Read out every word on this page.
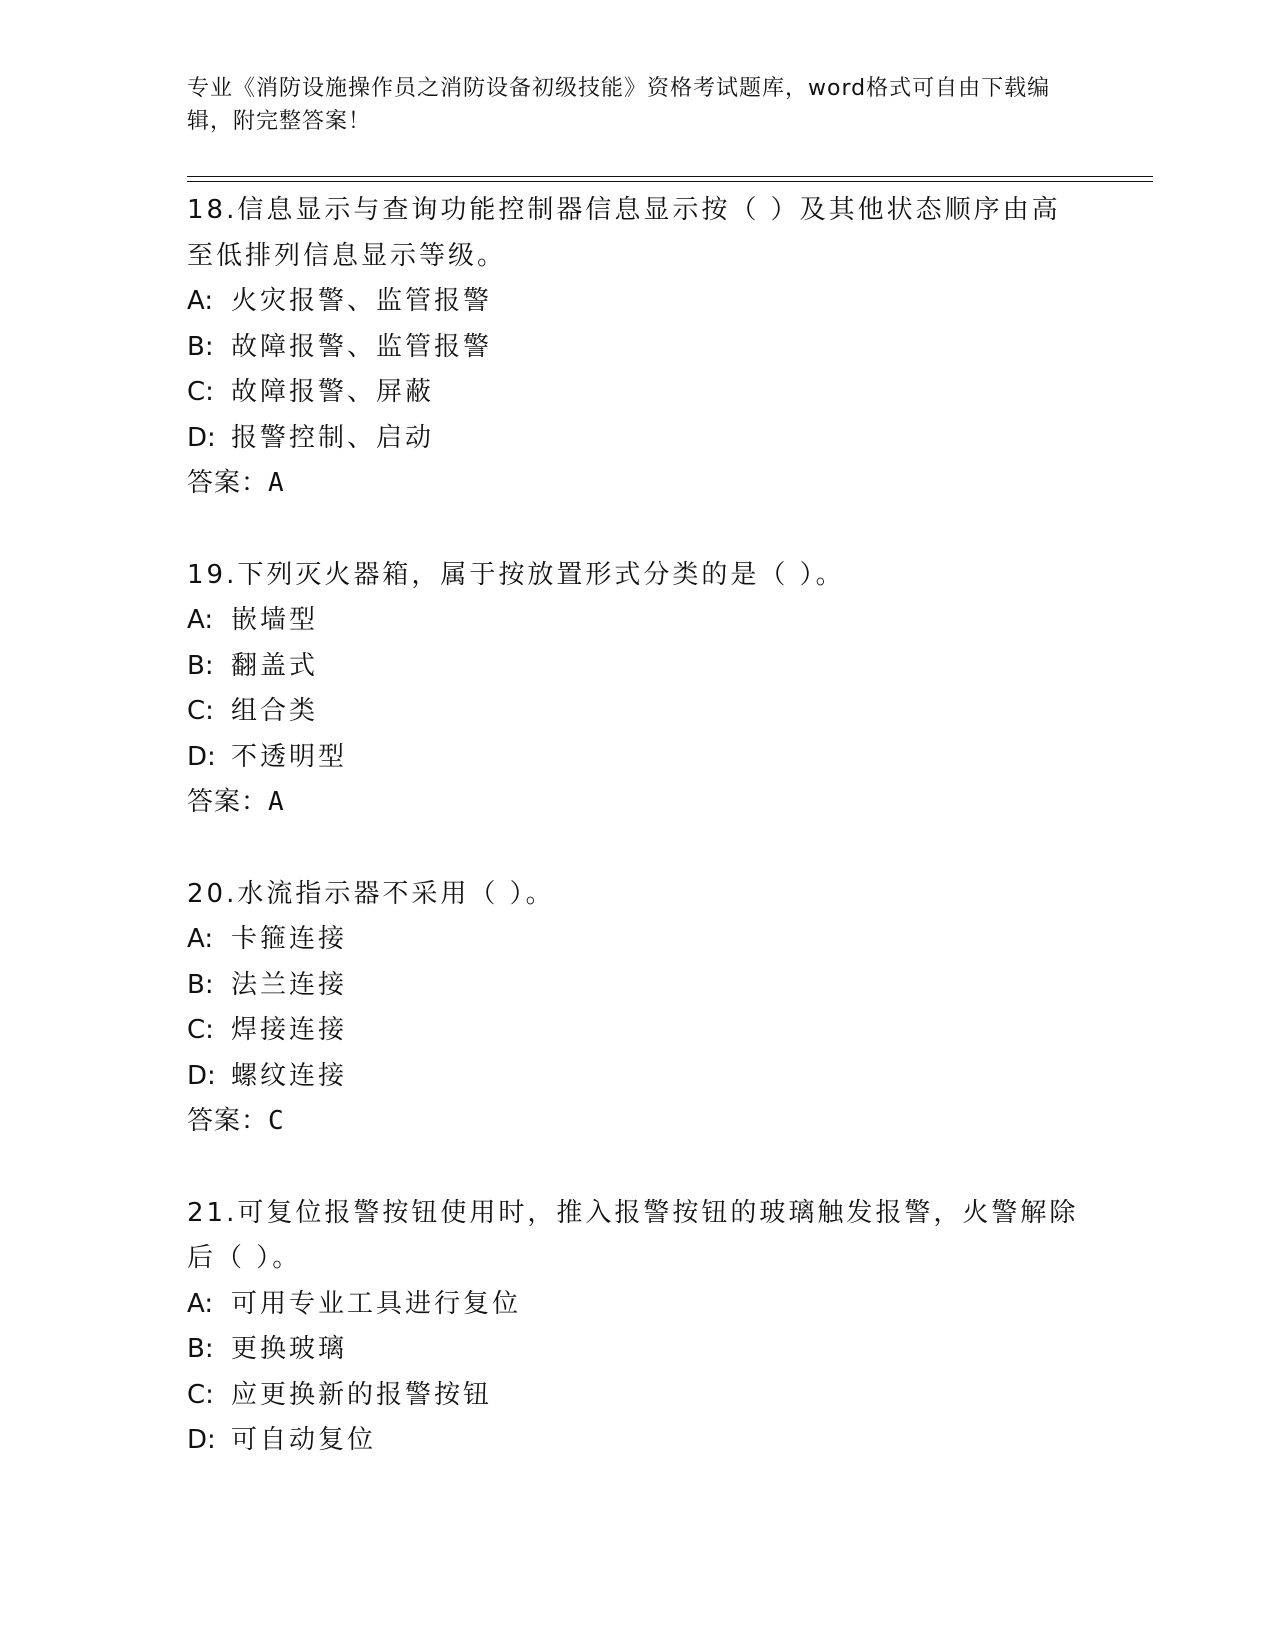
专业《消防设施操作员之消防设备初级技能》资格考试题库，word格式可自由下载编辑，附完整答案！

18.信息显示与查询功能控制器信息显示按（ ）及其他状态顺序由高至低排列信息显示等级。

A: 火灾报警、监管报警

B: 故障报警、监管报警

C: 故障报警、屏蔽

D: 报警控制、启动

答案：A

19.下列灭火器箱，属于按放置形式分类的是（ ）。

A: 嵌墙型

B: 翻盖式

C: 组合类

D: 不透明型

答案：A

20.水流指示器不采用（ ）。

A: 卡箍连接

B: 法兰连接

C: 焊接连接

D: 螺纹连接

答案：C

21.可复位报警按钮使用时，推入报警按钮的玻璃触发报警，火警解除后（ ）。

A: 可用专业工具进行复位

B: 更换玻璃

C: 应更换新的报警按钮

D: 可自动复位
